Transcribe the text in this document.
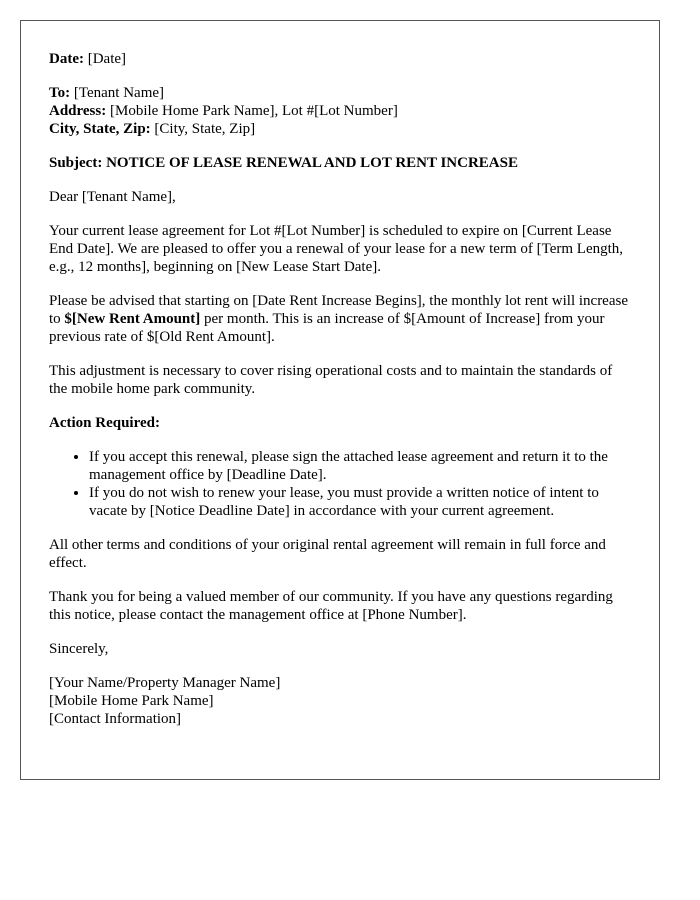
Date: [Date]

To: [Tenant Name]

Address: [Mobile Home Park Name], Lot #[Lot Number]

City, State, Zip: [City, State, Zip]

Subject: NOTICE OF LEASE RENEWAL AND LOT RENT INCREASE

Dear [Tenant Name],

Your current lease agreement for Lot #[Lot Number] is scheduled to expire on [Current Lease End Date]. We are pleased to offer you a renewal of your lease for a new term of [Term Length, e.g., 12 months], beginning on [New Lease Start Date].

Please be advised that starting on [Date Rent Increase Begins], the monthly lot rent will increase to $[New Rent Amount] per month. This is an increase of $[Amount of Increase] from your previous rate of $[Old Rent Amount].

This adjustment is necessary to cover rising operational costs and to maintain the standards of the mobile home park community.

Action Required:

• If you accept this renewal, please sign the attached lease agreement and return it to the management office by [Deadline Date].
• If you do not wish to renew your lease, you must provide a written notice of intent to vacate by [Notice Deadline Date] in accordance with your current agreement.

All other terms and conditions of your original rental agreement will remain in full force and effect.

Thank you for being a valued member of our community. If you have any questions regarding this notice, please contact the management office at [Phone Number].

Sincerely,

[Your Name/Property Manager Name]

[Mobile Home Park Name]

[Contact Information]
